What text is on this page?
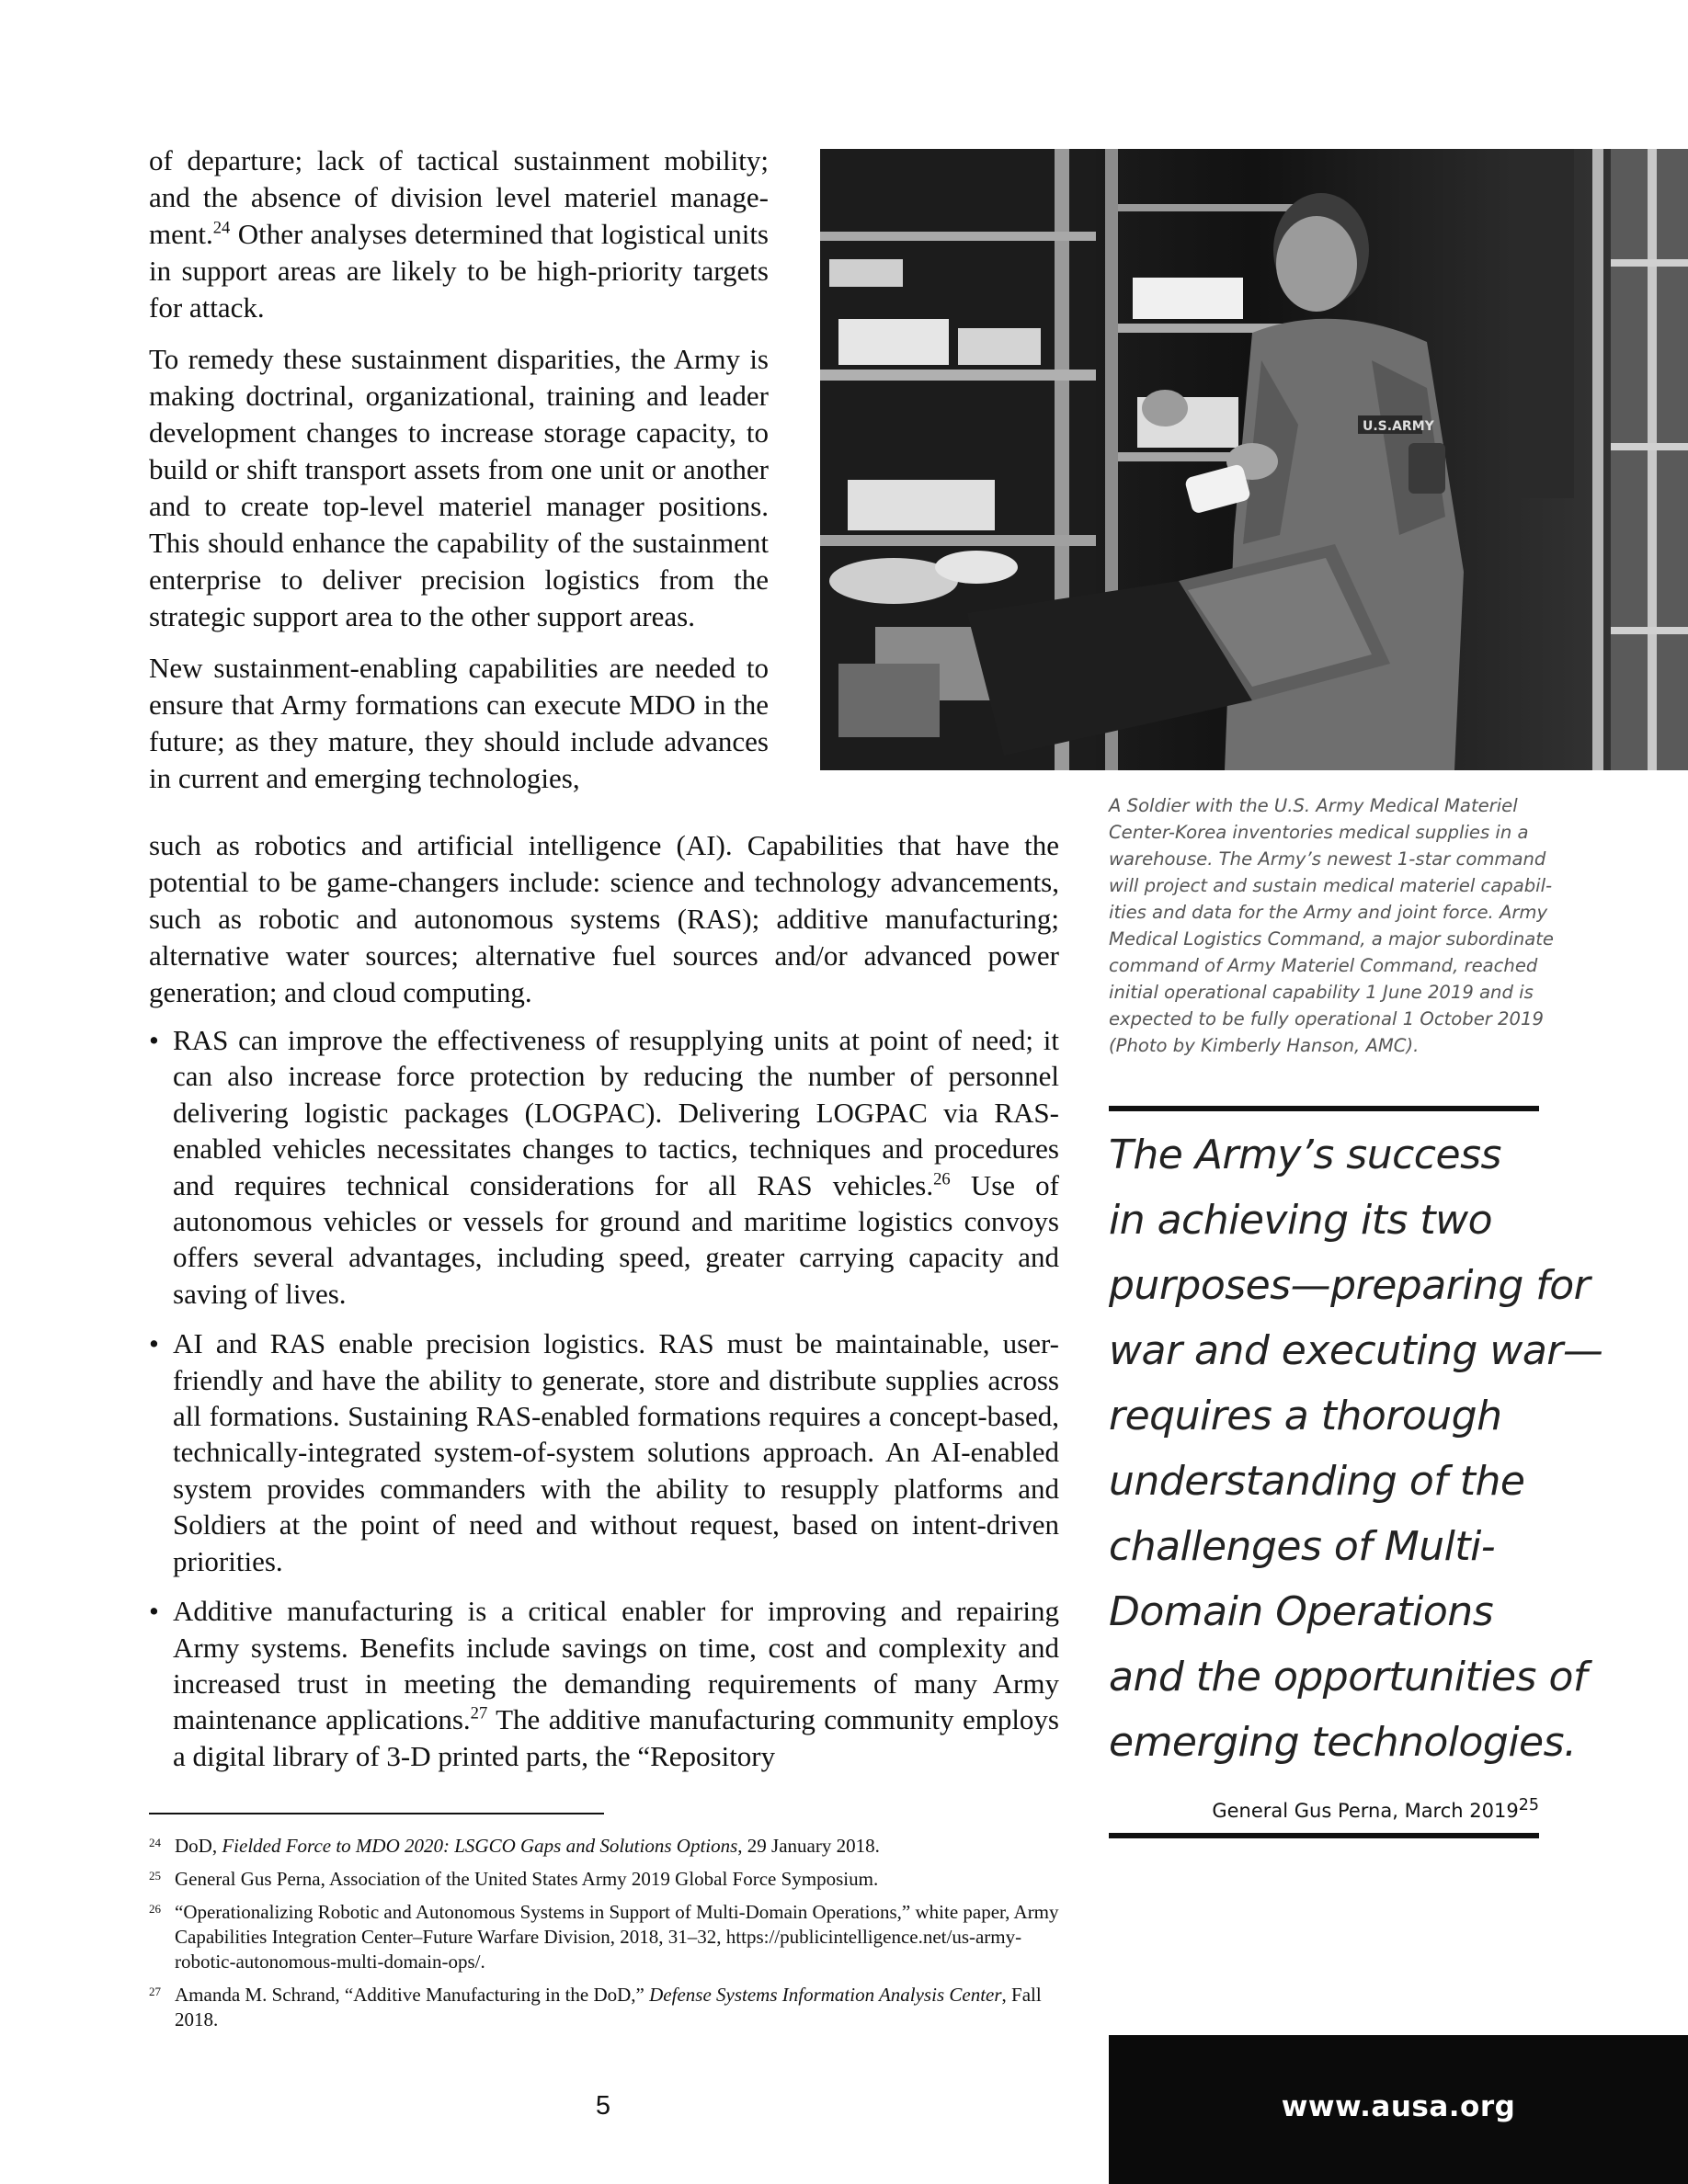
of departure; lack of tactical sustainment mobility; and the absence of division level materiel management.$^{24}$ Other analyses determined that logistical units in support areas are likely to be high-priority targets for attack.

To remedy these sustainment disparities, the Army is making doctrinal, organizational, training and leader development changes to increase storage capacity, to build or shift transport assets from one unit or another and to create top-level materiel manager positions. This should enhance the capability of the sustainment enterprise to deliver precision logistics from the strategic support area to the other support areas.

New sustainment-enabling capabilities are needed to ensure that Army formations can execute MDO in the future; as they mature, they should include advances in current and emerging technologies,

such as robotics and artificial intelligence (AI). Capabilities that have the potential to be game-changers include: science and technology advancements, such as robotic and autonomous systems (RAS); additive manufacturing; alternative water sources; alternative fuel sources and/or advanced power generation; and cloud computing.

• RAS can improve the effectiveness of resupplying units at point of need; it can also increase force protection by reducing the number of personnel delivering logistic packages (LOGPAC). Delivering LOGPAC via RAS-enabled vehicles necessitates changes to tactics, techniques and procedures and requires technical considerations for all RAS vehicles.$^{26}$ Use of autonomous vehicles or vessels for ground and maritime logistics convoys offers several advantages, including speed, greater carrying capacity and saving of lives.
• AI and RAS enable precision logistics. RAS must be maintainable, user-friendly and have the ability to generate, store and distribute supplies across all formations. Sustaining RAS-enabled formations requires a concept-based, technically-integrated system-of-system solutions approach. An AI-enabled system provides commanders with the ability to resupply platforms and Soldiers at the point of need and without request, based on intent-driven priorities.
• Additive manufacturing is a critical enabler for improving and repairing Army systems. Benefits include savings on time, cost and complexity and increased trust in meeting the demanding requirements of many Army maintenance applications.$^{27}$ The additive manufacturing community employs a digital library of 3-D printed parts, the “Repository
U.S.ARMY
A Soldier with the U.S. Army Medical Materiel Center-Korea inventories medical supplies in a warehouse. The Army’s newest 1-star command will project and sustain medical materiel capabilities and data for the Army and joint force. Army Medical Logistics Command, a major subordinate command of Army Materiel Command, reached initial operational capability 1 June 2019 and is expected to be fully operational 1 October 2019 (Photo by Kimberly Hanson, AMC).
The Army’s success
in achieving its two
purposes—preparing for
war and executing war—
requires a thorough
understanding of the
challenges of Multi-
Domain Operations
and the opportunities of
emerging technologies.
General Gus Perna, March 2019$^{25}$
24 DoD, Fielded Force to MDO 2020: LSGCO Gaps and Solutions Options, 29 January 2018.
25 General Gus Perna, Association of the United States Army 2019 Global Force Symposium.
26 “Operationalizing Robotic and Autonomous Systems in Support of Multi-Domain Operations,” white paper, Army Capabilities Integration Center–Future Warfare Division, 2018, 31–32, https://publicintelligence.net/us-army-robotic-autonomous-multi-domain-ops/.
27 Amanda M. Schrand, “Additive Manufacturing in the DoD,” Defense Systems Information Analysis Center, Fall 2018.
5	www.ausa.org
